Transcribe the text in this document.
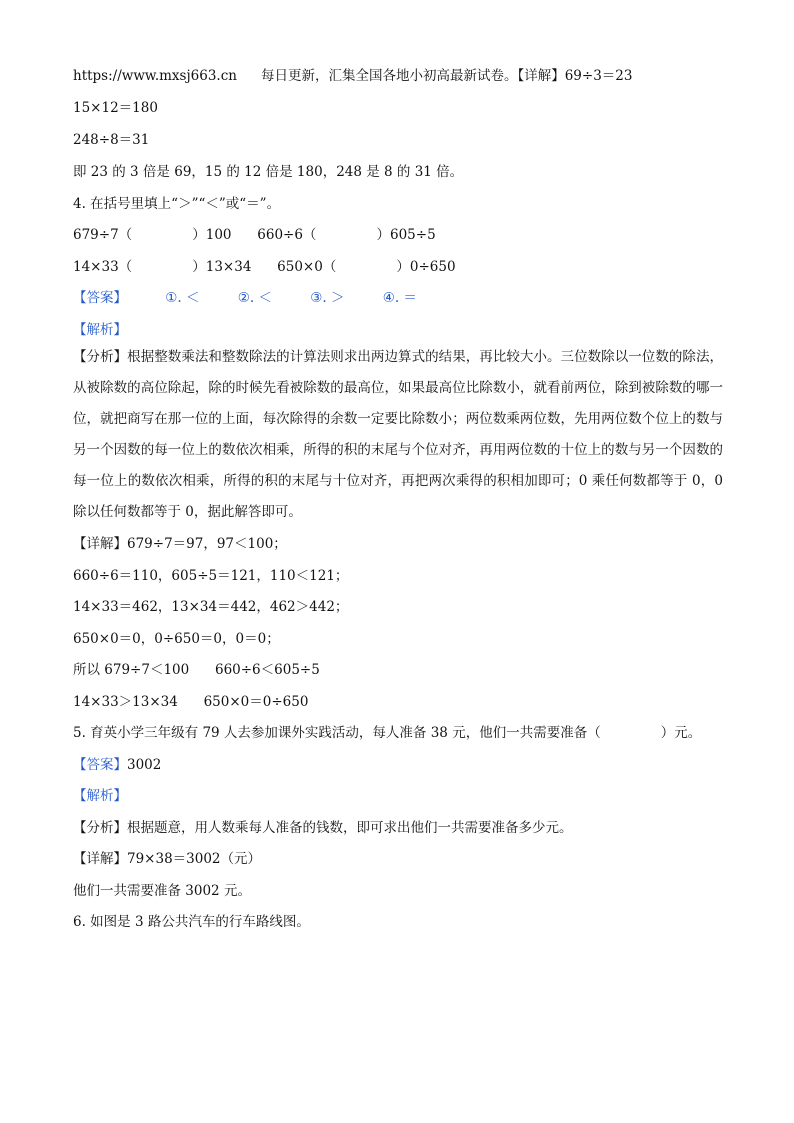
https://www.mxsj663.cn 每日更新，汇集全国各地小初高最新试卷。【详解】69÷3＝23
15×12＝180
248÷8＝31
即 23 的 3 倍是 69，15 的 12 倍是 180，248 是 8 的 31 倍。
4. 在括号里填上“＞”“＜”或“＝”。
679÷7（              ）100      660÷6（              ）605÷5
14×33（              ）13×34      650×0（              ）0÷650
【答案】	①. ＜	②. ＜	③. ＞	④. ＝
【解析】
【分析】根据整数乘法和整数除法的计算法则求出两边算式的结果，再比较大小。三位数除以一位数的除法，从被除数的高位除起，除的时候先看被除数的最高位，如果最高位比除数小，就看前两位，除到被除数的哪一位，就把商写在那一位的上面，每次除得的余数一定要比除数小；两位数乘两位数，先用两位数个位上的数与另一个因数的每一位上的数依次相乘，所得的积的末尾与个位对齐，再用两位数的十位上的数与另一个因数的每一位上的数依次相乘，所得的积的末尾与十位对齐，再把两次乘得的积相加即可；0 乘任何数都等于 0，0 除以任何数都等于 0，据此解答即可。
【详解】679÷7＝97，97＜100；
660÷6＝110，605÷5＝121，110＜121；
14×33＝462，13×34＝442，462＞442；
650×0＝0，0÷650＝0，0＝0；
所以 679÷7＜100      660÷6＜605÷5
14×33＞13×34      650×0＝0÷650
5. 育英小学三年级有 79 人去参加课外实践活动，每人准备 38 元，他们一共需要准备（              ）元。
【答案】3002
【解析】
【分析】根据题意，用人数乘每人准备的钱数，即可求出他们一共需要准备多少元。
【详解】79×38＝3002（元）
他们一共需要准备 3002 元。
6. 如图是 3 路公共汽车的行车路线图。
